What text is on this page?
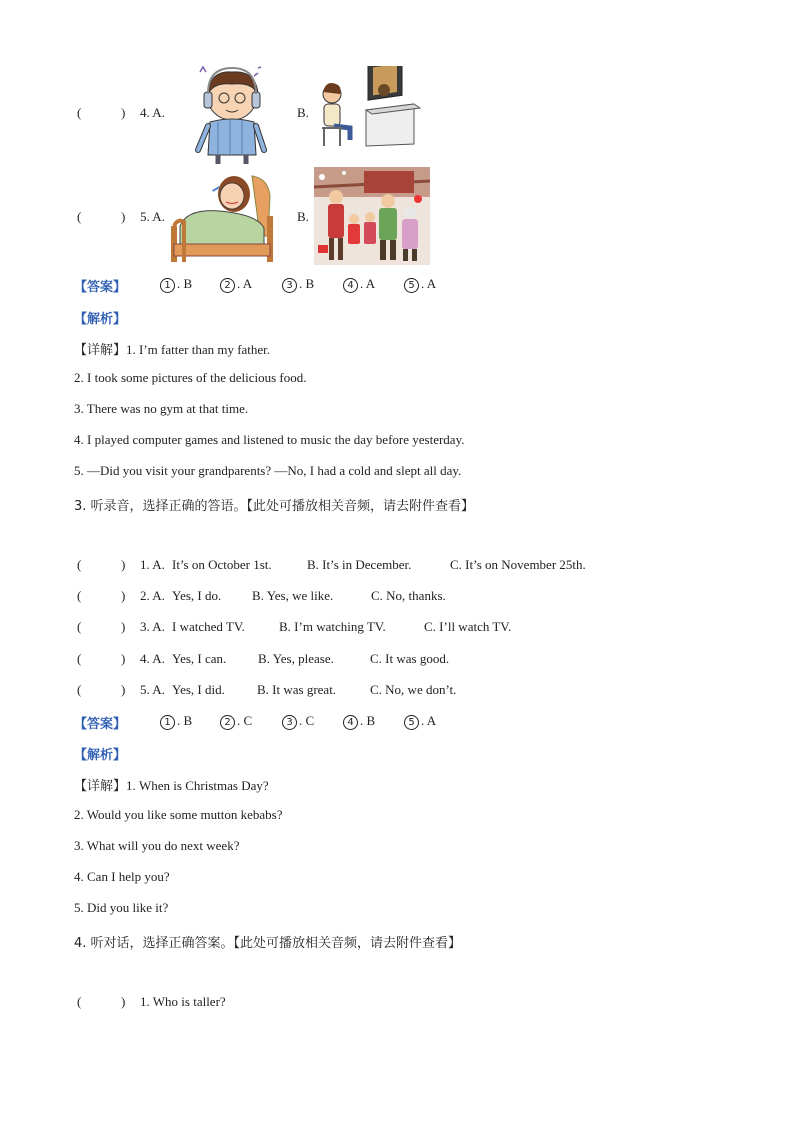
(	) 4. A.	B.
(	) 5. A.	B.
【答案】	1 . B	2 . A	3 . B	4 . A	5 . A
【解析】
【详解】1. I’m fatter than my father.
2. I took some pictures of the delicious food.
3. There was no gym at that time.
4. I played computer games and listened to music the day before yesterday.
5. —Did you visit your grandparents? —No, I had a cold and slept all day.
3. 听录音，选择正确的答语。【此处可播放相关音频，请去附件查看】
(	) 1. A. It’s on October 1st.	B. It’s in December.	C. It’s on November 25th.
(	) 2. A. Yes, I do. B. Yes, we like.	C. No, thanks.
(	) 3. A. I watched TV.	B. I’m watching TV.	C. I’ll watch TV.
(	) 4. A. Yes, I can. B. Yes, please.	C. It was good.
(	) 5. A. Yes, I did. B. It was great.	C. No, we don’t.
【答案】	1 . B	2 . C	3 . C	4 . B	5 . A
【解析】
【详解】1. When is Christmas Day?
2. Would you like some mutton kebabs?
3. What will you do next week?
4. Can I help you?
5. Did you like it?
4. 听对话，选择正确答案。【此处可播放相关音频，请去附件查看】
(	) 1. Who is taller?
